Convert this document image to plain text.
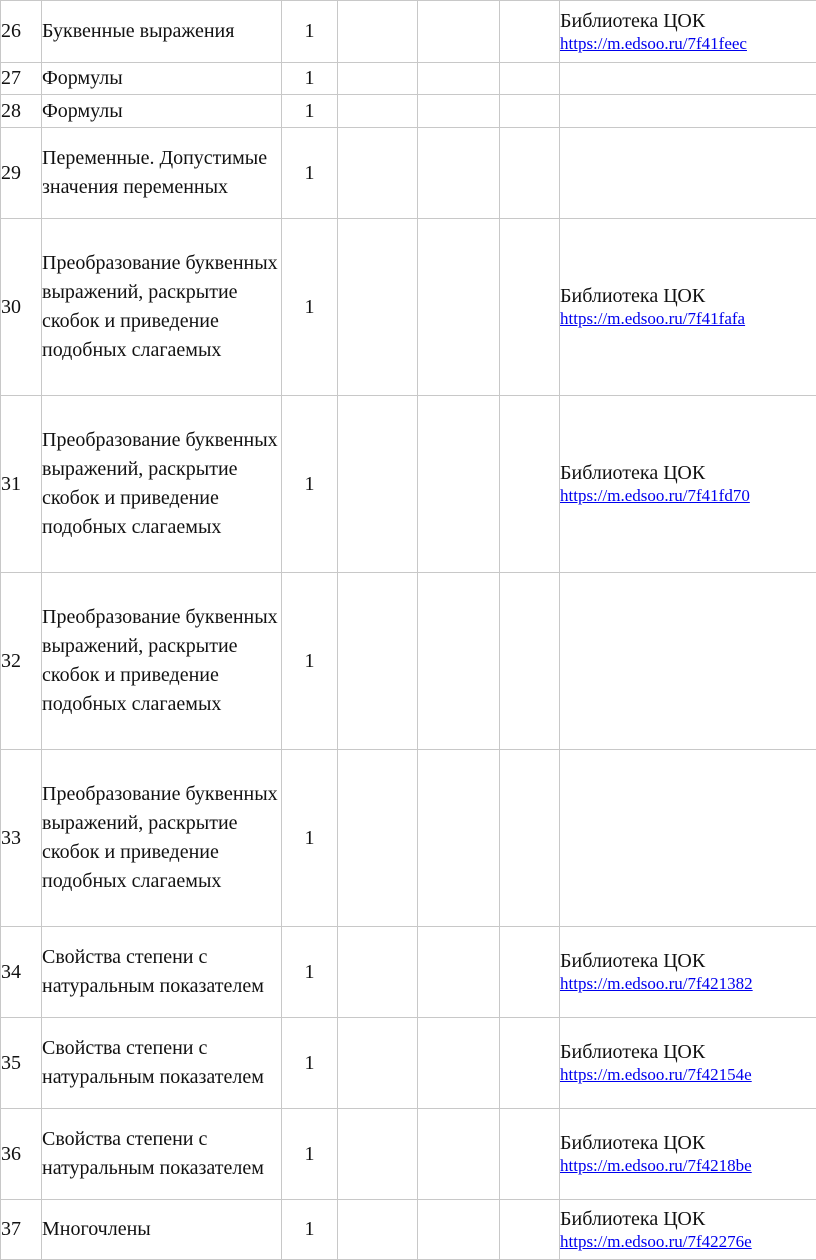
26	Буквенные выражения	1				Библиотека ЦОК
https://m.edsoo.ru/7f41feec

27	Формулы	1				
28	Формулы	1				
29	Переменные. Допустимые значения переменных	1				
30	Преобразование буквенных выражений, раскрытие скобок и приведение подобных слагаемых	1				Библиотека ЦОК
https://m.edsoo.ru/7f41fafa

31	Преобразование буквенных выражений, раскрытие скобок и приведение подобных слагаемых	1				Библиотека ЦОК
https://m.edsoo.ru/7f41fd70

32	Преобразование буквенных выражений, раскрытие скобок и приведение подобных слагаемых	1				
33	Преобразование буквенных выражений, раскрытие скобок и приведение подобных слагаемых	1				
34	Свойства степени с натуральным показателем	1				Библиотека ЦОК
https://m.edsoo.ru/7f421382

35	Свойства степени с натуральным показателем	1				Библиотека ЦОК
https://m.edsoo.ru/7f42154e

36	Свойства степени с натуральным показателем	1				Библиотека ЦОК
https://m.edsoo.ru/7f4218be

37	Многочлены	1				Библиотека ЦОК
https://m.edsoo.ru/7f42276e
